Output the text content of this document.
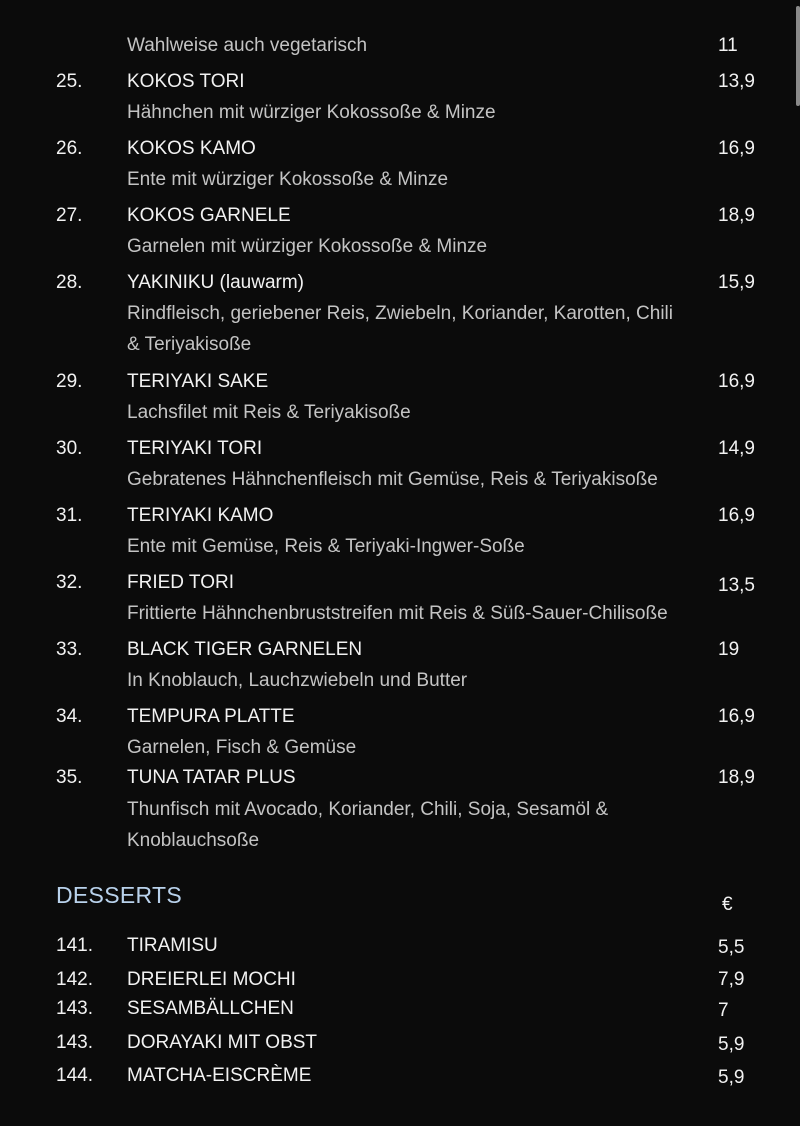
Wahlweise auch vegetarisch	11
25. KOKOS TORI	13,9
Hähnchen mit würziger Kokossoße & Minze
26. KOKOS KAMO	16,9
Ente mit würziger Kokossoße & Minze
27. KOKOS GARNELE	18,9
Garnelen mit würziger Kokossoße & Minze
28. YAKINIKU (lauwarm)	15,9
Rindfleisch, geriebener Reis, Zwiebeln, Koriander, Karotten, Chili & Teriyakisoße
29. TERIYAKI SAKE	16,9
Lachsfilet mit Reis & Teriyakisoße
30. TERIYAKI TORI	14,9
Gebratenes Hähnchenfleisch mit Gemüse, Reis & Teriyakisoße
31. TERIYAKI KAMO	16,9
Ente mit Gemüse, Reis & Teriyaki-Ingwer-Soße
32. FRIED TORI	13,5
Frittierte Hähnchenbruststreifen mit Reis & Süß-Sauer-Chilisoße
33. BLACK TIGER GARNELEN	19
In Knoblauch, Lauchzwiebeln und Butter
34. TEMPURA PLATTE	16,9
Garnelen, Fisch & Gemüse
35. TUNA TATAR PLUS	18,9
Thunfisch mit Avocado, Koriander, Chili, Soja, Sesamöl & Knoblauchsoße
DESSERTS	€
141. TIRAMISU	5,5
142. DREIERLEI MOCHI	7,9
143. SESAMBÄLLCHEN	7
143. DORAYAKI MIT OBST	5,9
144. MATCHA-EISCRÈME	5,9
